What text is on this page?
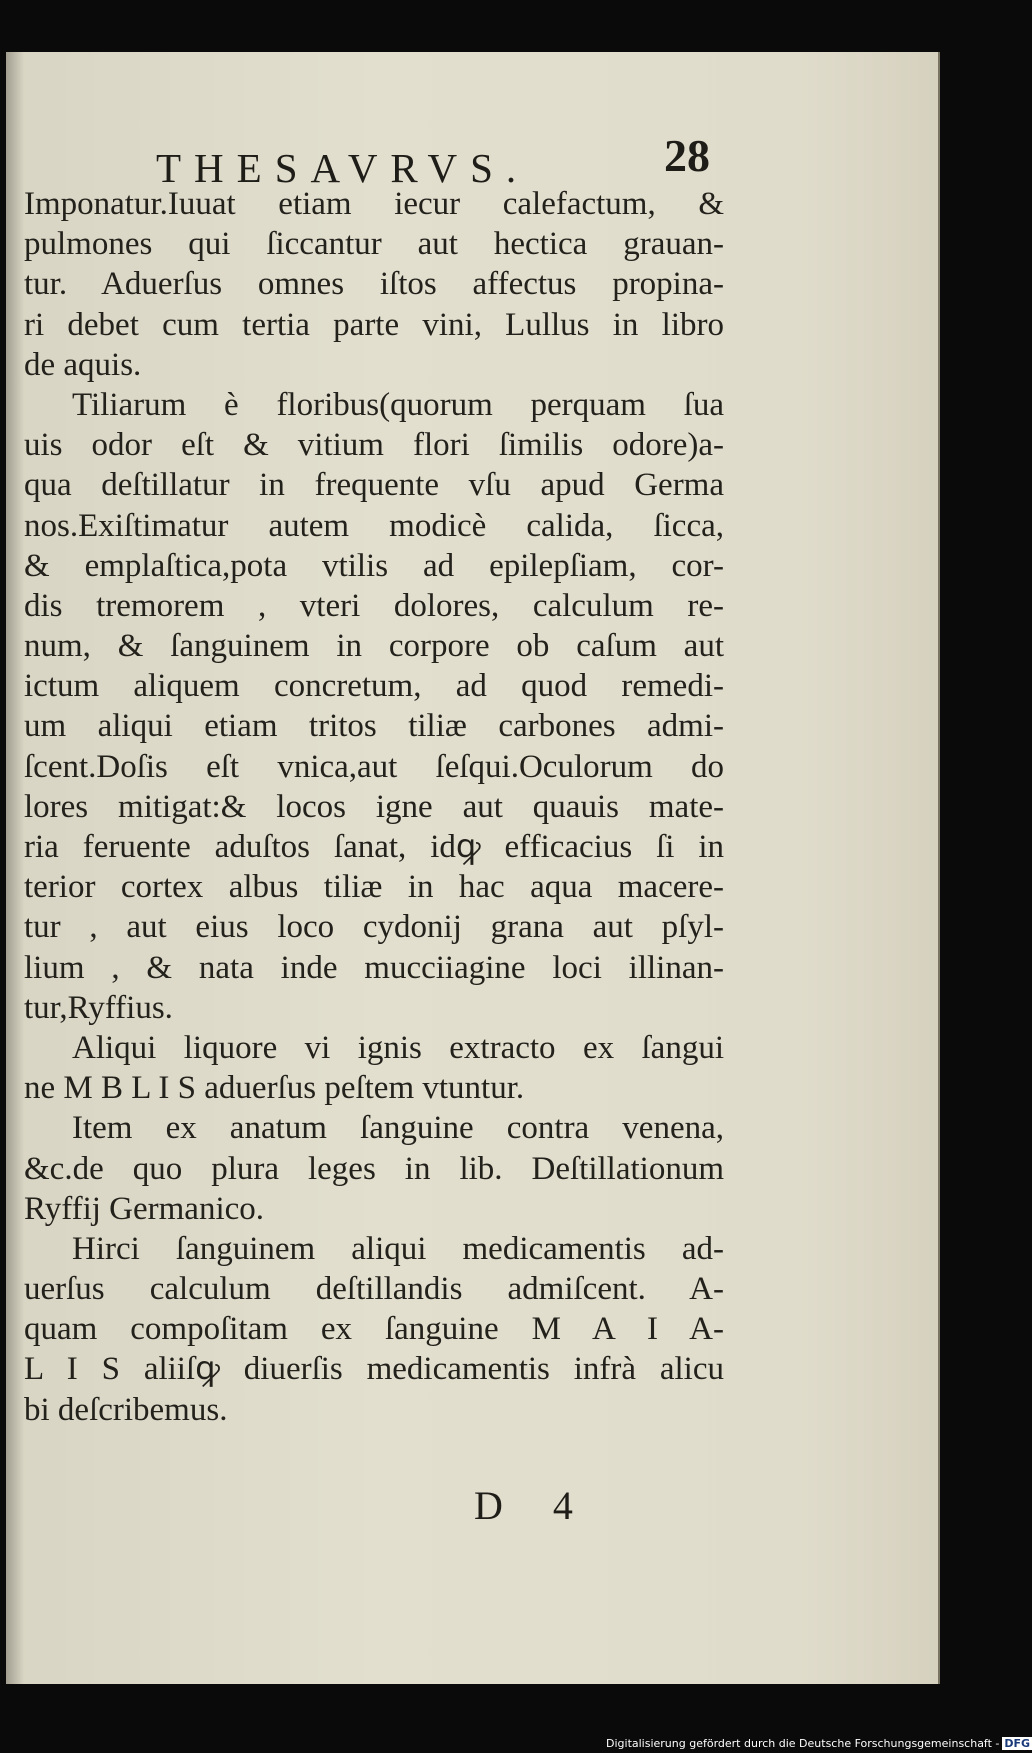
THESAVRVS.	28
Imponatur.Iuuat etiam iecur calefactum, &
pulmones qui ſiccantur aut hectica grauan-
tur. Aduerſus omnes iſtos affectus propina-
ri debet cum tertia parte vini, Lullus in libro
de aquis.
Tiliarum è floribus(quorum perquam ſua
uis odor eſt & vitium flori ſimilis odore)a-
qua deſtillatur in frequente vſu apud Germa
nos.Exiſtimatur autem modicè calida, ſicca,
& emplaſtica,pota vtilis ad epilepſiam, cor-
dis tremorem , vteri dolores, calculum re-
num, & ſanguinem in corpore ob caſum aut
ictum aliquem concretum, ad quod remedi-
um aliqui etiam tritos tiliæ carbones admi-
ſcent.Doſis eſt vnica,aut ſeſqui.Oculorum do
lores mitigat:& locos igne aut quauis mate-
ria feruente aduſtos ſanat, idꝙ efficacius ſi in
terior cortex albus tiliæ in hac aqua macere-
tur , aut eius loco cydonij grana aut pſyl-
lium , & nata inde mucciiagine loci illinan-
tur,Ryffius.
Aliqui liquore vi ignis extracto ex ſangui
ne M B L I S aduerſus peſtem vtuntur.
Item ex anatum ſanguine contra venena,
&c.de quo plura leges in lib. Deſtillationum
Ryffij Germanico.
Hirci ſanguinem aliqui medicamentis ad-
uerſus calculum deſtillandis admiſcent. A-
quam compoſitam ex ſanguine M A I A-
L I S aliiſꝙ diuerſis medicamentis infrà alicu
bi deſcribemus.
D 4
Digitalisierung gefördert durch die Deutsche Forschungsgemeinschaft - DFG
